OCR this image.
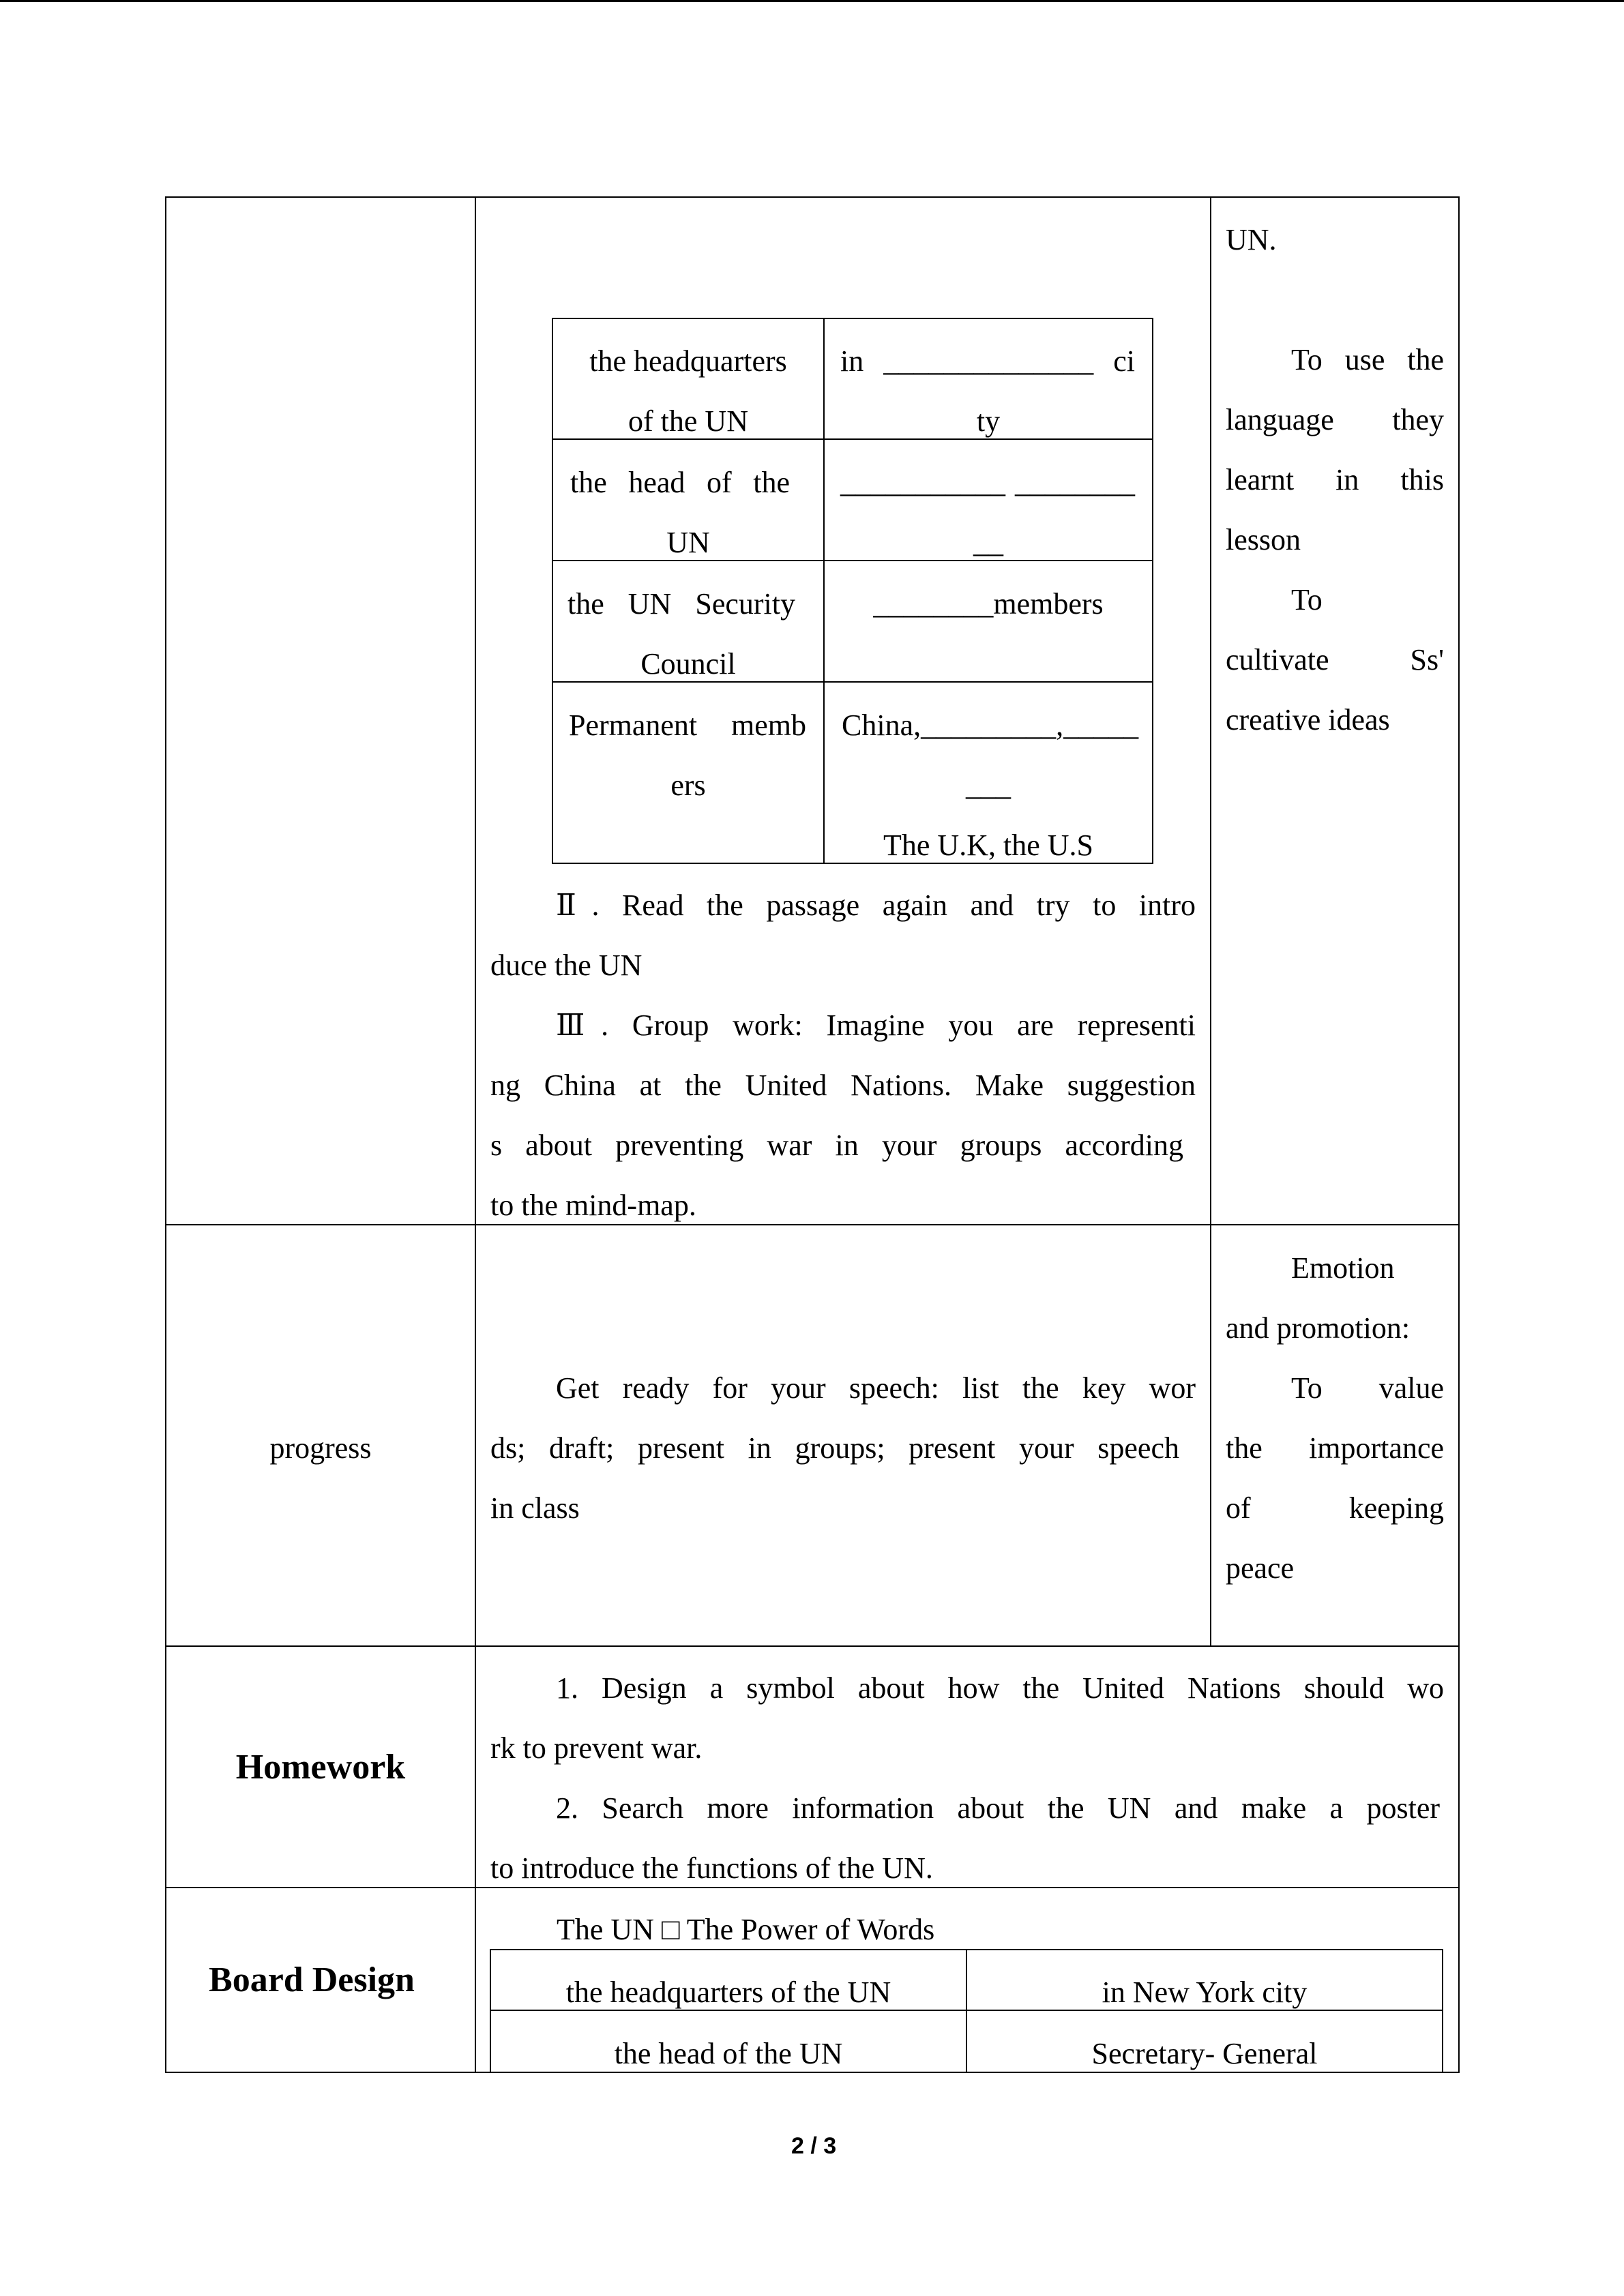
UN.
To use the
language they
learnt in this
lesson
To
cultivate Ss'
creative ideas
Emotion
and promotion:
To value
the importance
of keeping
peace
the headquarters
of the UN
in ______________ ci
ty
the head of the
UN
___________ ________
__
the UN Security
Council
________members
Permanent memb
ers
China,_________,_____
___
The U.K, the U.S
Ⅱ. Read the passage again and try to intro
duce the UN
Ⅲ. Group work: Imagine you are representi
ng China at the United Nations. Make suggestion
s about preventing war in your groups according
to the mind-map.
progress
Get ready for your speech: list the key wor
ds; draft; present in groups; present your speech
in class
Homework
1. Design a symbol about how the United Nations should wo
rk to prevent war.
2. Search more information about the UN and make a poster
to introduce the functions of the UN.
Board Design
The UN □ The Power of Words
the headquarters of the UN	in New York city
the head of the UN	Secretary- General
2 / 3
